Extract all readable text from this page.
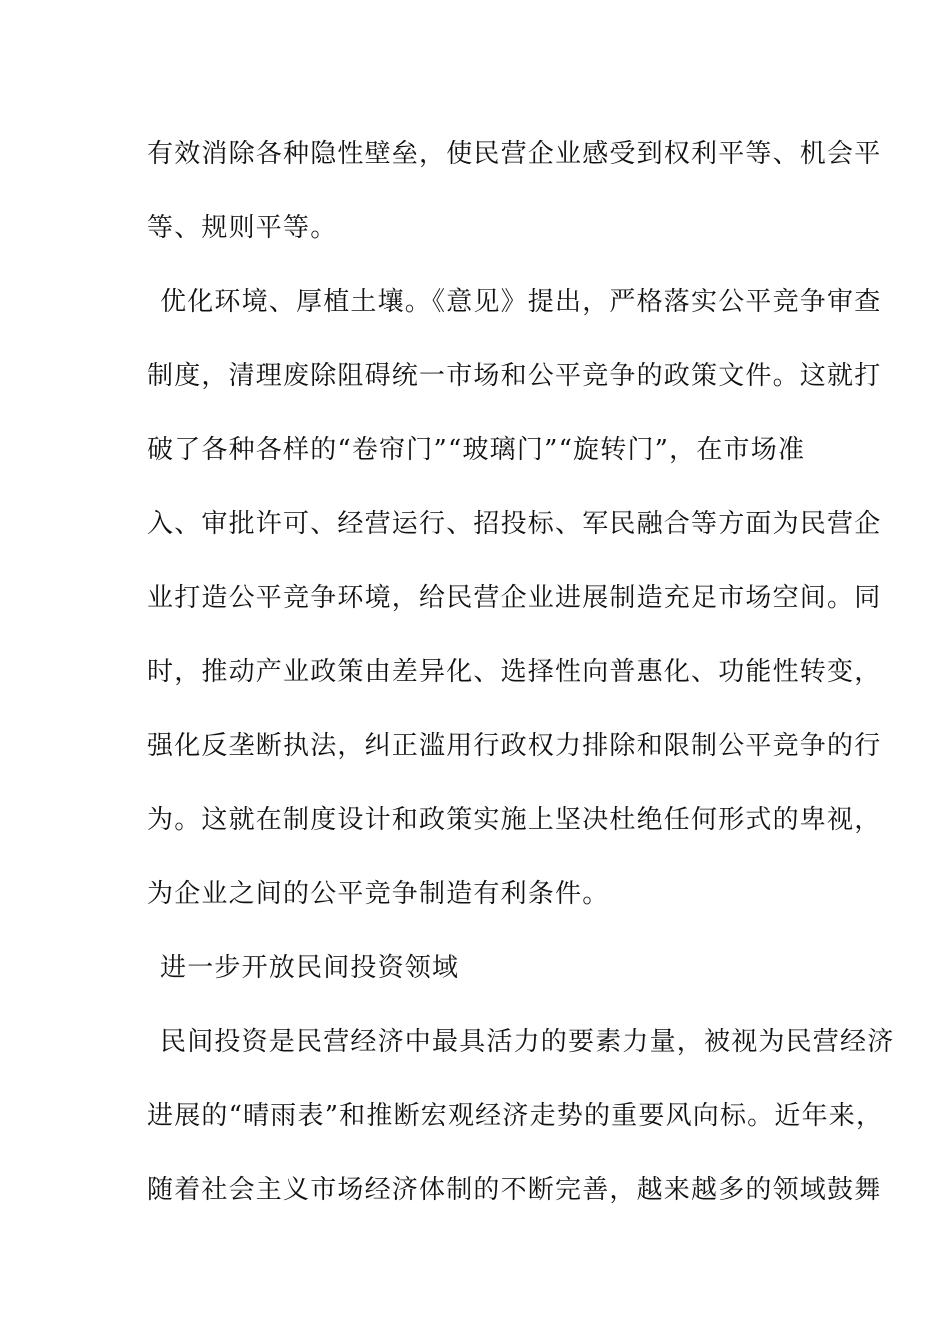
有效消除各种隐性壁垒，使民营企业感受到权利平等、机会平
等、规则平等。
优化环境、厚植土壤。《意见》提出，严格落实公平竞争审查
制度，清理废除阻碍统一市场和公平竞争的政策文件。这就打
破了各种各样的“卷帘门”“玻璃门”“旋转门”，在市场准
入、审批许可、经营运行、招投标、军民融合等方面为民营企
业打造公平竞争环境，给民营企业进展制造充足市场空间。同
时，推动产业政策由差异化、选择性向普惠化、功能性转变，
强化反垄断执法，纠正滥用行政权力排除和限制公平竞争的行
为。这就在制度设计和政策实施上坚决杜绝任何形式的卑视，
为企业之间的公平竞争制造有利条件。
进一步开放民间投资领域
民间投资是民营经济中最具活力的要素力量，被视为民营经济
进展的“晴雨表”和推断宏观经济走势的重要风向标。近年来，
随着社会主义市场经济体制的不断完善，越来越多的领域鼓舞
